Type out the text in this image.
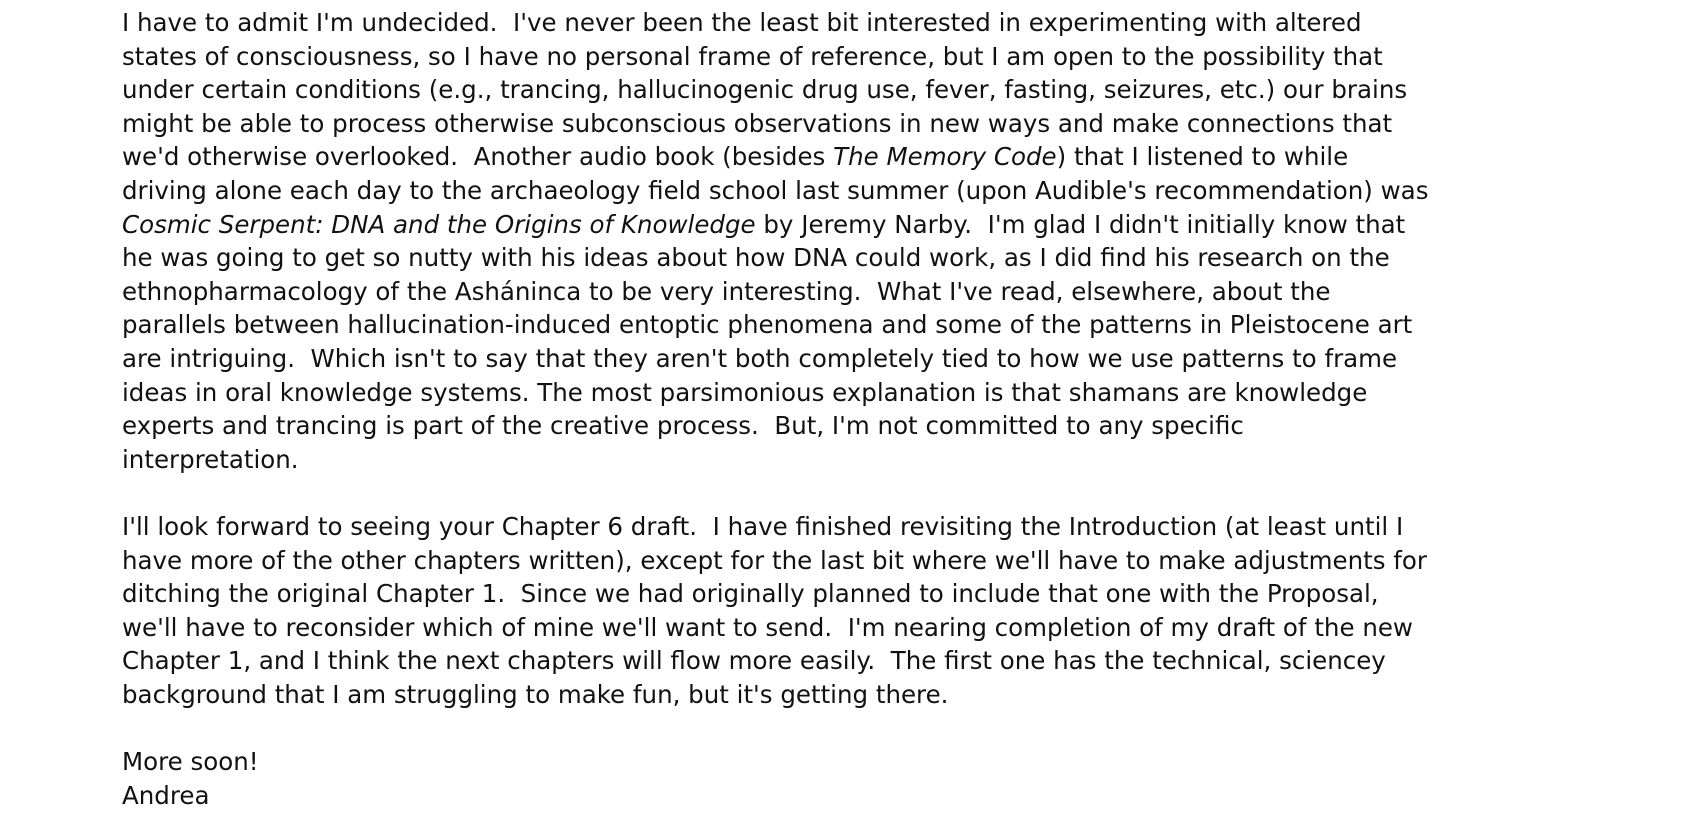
I have to admit I'm undecided.  I've never been the least bit interested in experimenting with altered
states of consciousness, so I have no personal frame of reference, but I am open to the possibility that
under certain conditions (e.g., trancing, hallucinogenic drug use, fever, fasting, seizures, etc.) our brains
might be able to process otherwise subconscious observations in new ways and make connections that
we'd otherwise overlooked.  Another audio book (besides The Memory Code) that I listened to while
driving alone each day to the archaeology field school last summer (upon Audible's recommendation) was
Cosmic Serpent: DNA and the Origins of Knowledge by Jeremy Narby.  I'm glad I didn't initially know that
he was going to get so nutty with his ideas about how DNA could work, as I did find his research on the
ethnopharmacology of the Asháninca to be very interesting.  What I've read, elsewhere, about the
parallels between hallucination-induced entoptic phenomena and some of the patterns in Pleistocene art
are intriguing.  Which isn't to say that they aren't both completely tied to how we use patterns to frame
ideas in oral knowledge systems. The most parsimonious explanation is that shamans are knowledge
experts and trancing is part of the creative process.  But, I'm not committed to any specific
interpretation.
I'll look forward to seeing your Chapter 6 draft.  I have finished revisiting the Introduction (at least until I
have more of the other chapters written), except for the last bit where we'll have to make adjustments for
ditching the original Chapter 1.  Since we had originally planned to include that one with the Proposal,
we'll have to reconsider which of mine we'll want to send.  I'm nearing completion of my draft of the new
Chapter 1, and I think the next chapters will flow more easily.  The first one has the technical, sciencey
background that I am struggling to make fun, but it's getting there.
More soon!
Andrea
